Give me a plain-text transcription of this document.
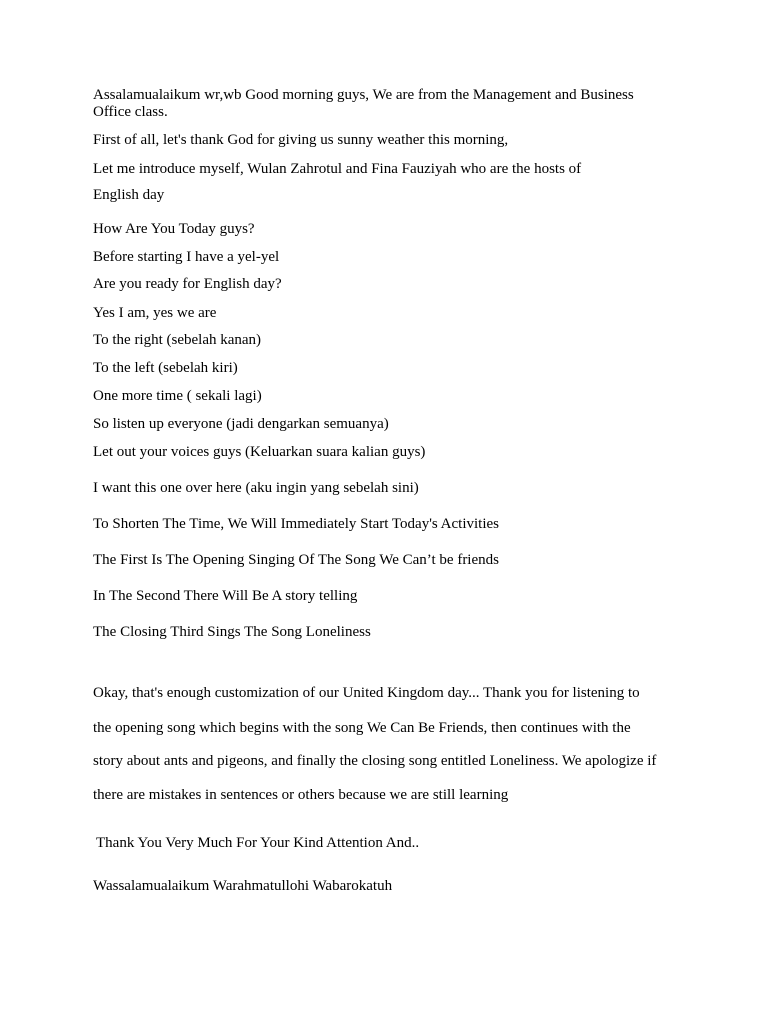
Assalamualaikum wr,wb Good morning guys, We are from the Management and Business
Office class.
First of all, let's thank God for giving us sunny weather this morning,
Let me introduce myself, Wulan Zahrotul and Fina Fauziyah who are the hosts of
English day
How Are You Today guys?
Before starting I have a yel-yel
Are you ready for English day?
Yes I am, yes we are
To the right (sebelah kanan)
To the left (sebelah kiri)
One more time ( sekali lagi)
So listen up everyone (jadi dengarkan semuanya)
Let out your voices guys (Keluarkan suara kalian guys)
I want this one over here (aku ingin yang sebelah sini)
To Shorten The Time, We Will Immediately Start Today's Activities
The First Is The Opening Singing Of The Song We Can’t be friends
In The Second There Will Be A story telling
The Closing Third Sings The Song Loneliness
Okay, that's enough customization of our United Kingdom day... Thank you for listening to
the opening song which begins with the song We Can Be Friends, then continues with the
story about ants and pigeons, and finally the closing song entitled Loneliness. We apologize if
there are mistakes in sentences or others because we are still learning
Thank You Very Much For Your Kind Attention And..
Wassalamualaikum Warahmatullohi Wabarokatuh
